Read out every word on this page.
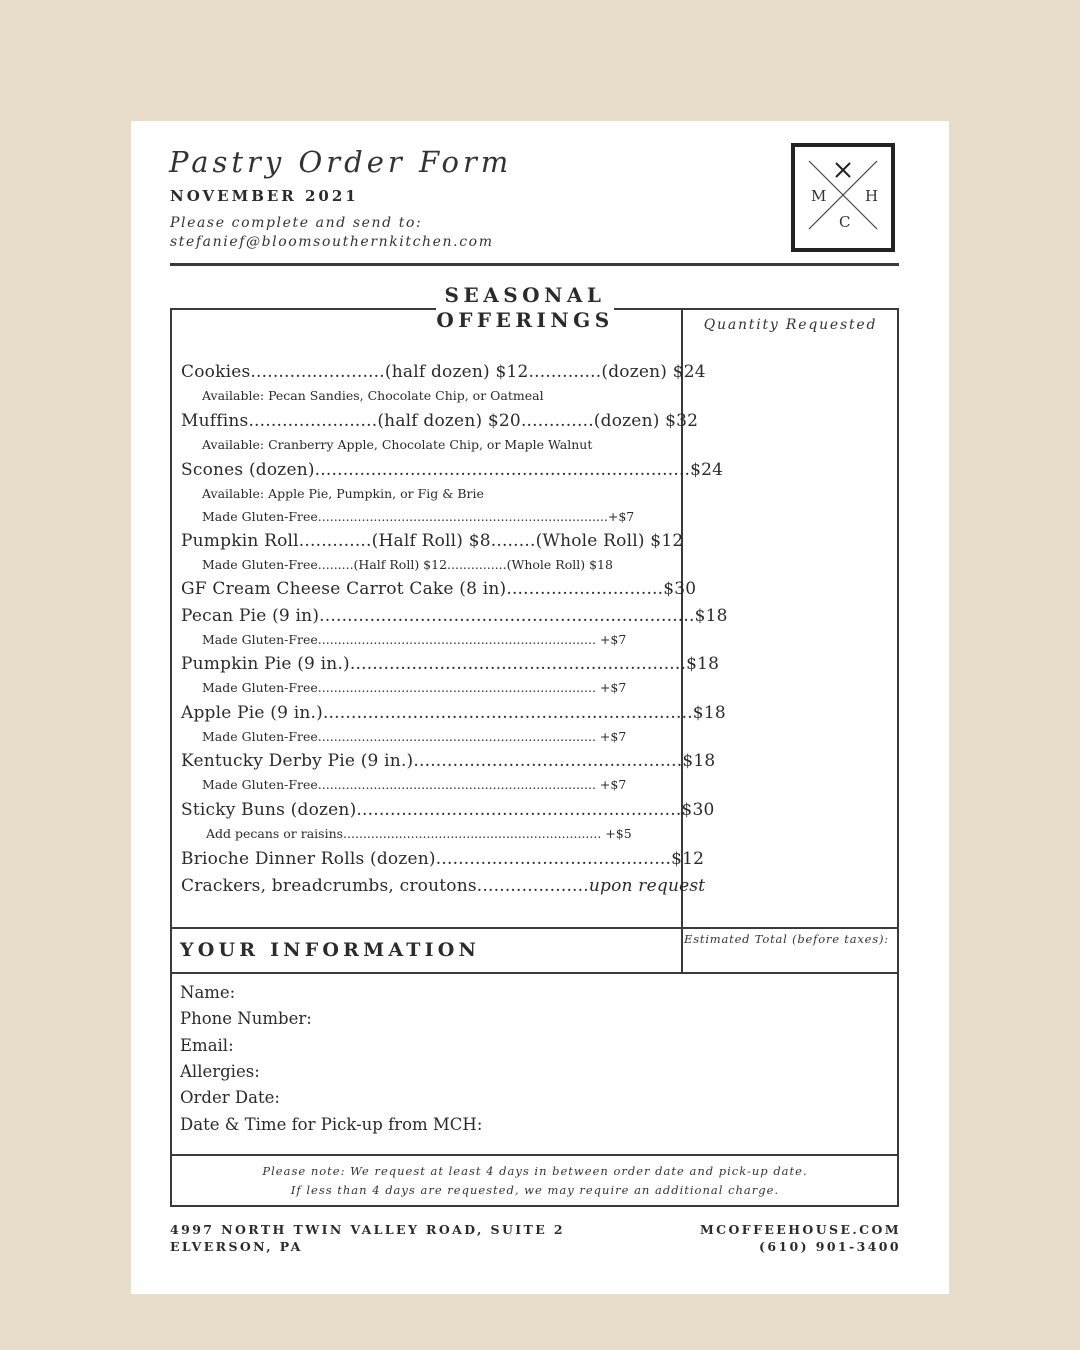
Pastry Order Form
NOVEMBER 2021
Please complete and send to:
stefanief@bloomsouthernkitchen.com
M	H
C
SEASONAL
OFFERINGS	Quantity Requested
Cookies........................(half dozen) $12.............(dozen) $24
Available: Pecan Sandies, Chocolate Chip, or Oatmeal
Muffins.......................(half dozen) $20.............(dozen) $32
Available: Cranberry Apple, Chocolate Chip, or Maple Walnut
Scones (dozen)...................................................................$24
Available: Apple Pie, Pumpkin, or Fig & Brie
Made Gluten-Free.........................................................................+$7
Pumpkin Roll.............(Half Roll) $8........(Whole Roll) $12
Made Gluten-Free.........(Half Roll) $12...............(Whole Roll) $18
GF Cream Cheese Carrot Cake (8 in)............................$30
Pecan Pie (9 in)...................................................................$18
Made Gluten-Free...................................................................... +$7
Pumpkin Pie (9 in.)............................................................$18
Made Gluten-Free...................................................................... +$7
Apple Pie (9 in.)..................................................................$18
Made Gluten-Free...................................................................... +$7
Kentucky Derby Pie (9 in.)................................................$18
Made Gluten-Free...................................................................... +$7
Sticky Buns (dozen)..........................................................$30
Add pecans or raisins................................................................. +$5
Brioche Dinner Rolls (dozen)..........................................$12
Crackers, breadcrumbs, croutons....................upon request
YOUR INFORMATION	Estimated Total (before taxes):
Name:
Phone Number:
Email:
Allergies:
Order Date:
Date & Time for Pick-up from MCH:
Please note: We request at least 4 days in between order date and pick-up date.
If less than 4 days are requested, we may require an additional charge.
4997 NORTH TWIN VALLEY ROAD, SUITE 2
ELVERSON, PA
MCOFFEEHOUSE.COM
(610) 901-3400
